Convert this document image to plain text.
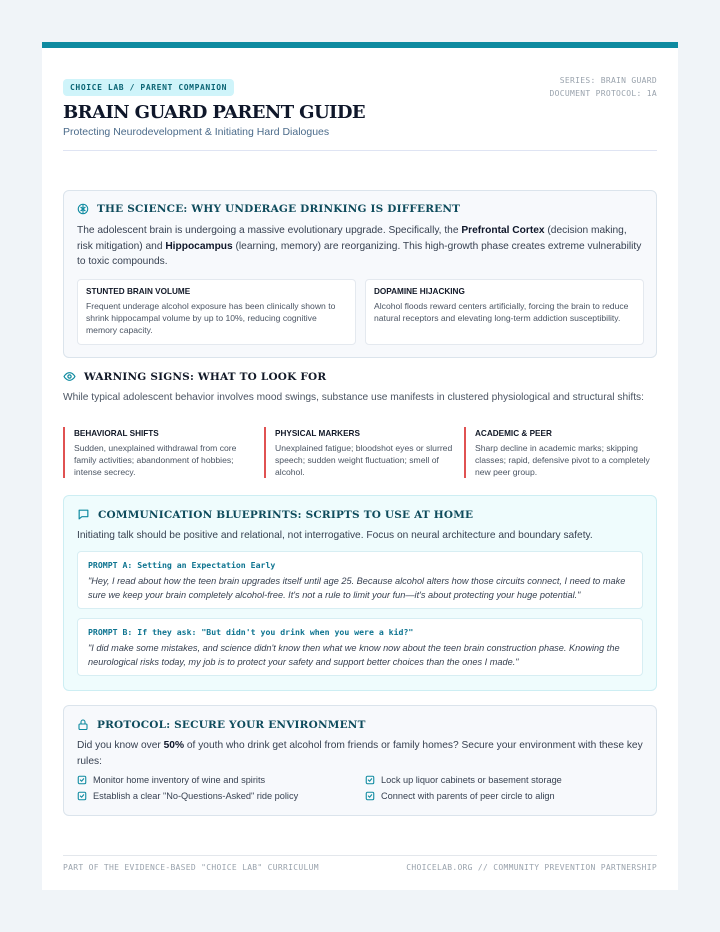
CHOICE LAB / PARENT COMPANION
SERIES: BRAIN GUARD
DOCUMENT PROTOCOL: 1A
BRAIN GUARD PARENT GUIDE
Protecting Neurodevelopment & Initiating Hard Dialogues
THE SCIENCE: WHY UNDERAGE DRINKING IS DIFFERENT
The adolescent brain is undergoing a massive evolutionary upgrade. Specifically, the Prefrontal Cortex (decision making, risk mitigation) and Hippocampus (learning, memory) are reorganizing. This high-growth phase creates extreme vulnerability to toxic compounds.
STUNTED BRAIN VOLUME
Frequent underage alcohol exposure has been clinically shown to shrink hippocampal volume by up to 10%, reducing cognitive memory capacity.
DOPAMINE HIJACKING
Alcohol floods reward centers artificially, forcing the brain to reduce natural receptors and elevating long-term addiction susceptibility.
WARNING SIGNS: WHAT TO LOOK FOR
While typical adolescent behavior involves mood swings, substance use manifests in clustered physiological and structural shifts:
BEHAVIORAL SHIFTS
Sudden, unexplained withdrawal from core family activities; abandonment of hobbies; intense secrecy.
PHYSICAL MARKERS
Unexplained fatigue; bloodshot eyes or slurred speech; sudden weight fluctuation; smell of alcohol.
ACADEMIC & PEER
Sharp decline in academic marks; skipping classes; rapid, defensive pivot to a completely new peer group.
COMMUNICATION BLUEPRINTS: SCRIPTS TO USE AT HOME
Initiating talk should be positive and relational, not interrogative. Focus on neural architecture and boundary safety.
PROMPT A: Setting an Expectation Early
"Hey, I read about how the teen brain upgrades itself until age 25. Because alcohol alters how those circuits connect, I need to make sure we keep your brain completely alcohol-free. It's not a rule to limit your fun—it's about protecting your huge potential."
PROMPT B: If they ask: "But didn't you drink when you were a kid?"
"I did make some mistakes, and science didn't know then what we know now about the teen brain construction phase. Knowing the neurological risks today, my job is to protect your safety and support better choices than the ones I made."
PROTOCOL: SECURE YOUR ENVIRONMENT
Did you know over 50% of youth who drink get alcohol from friends or family homes? Secure your environment with these key rules:
Monitor home inventory of wine and spirits	Lock up liquor cabinets or basement storage
Establish a clear "No-Questions-Asked" ride policy	Connect with parents of peer circle to align
PART OF THE EVIDENCE-BASED "CHOICE LAB" CURRICULUM	CHOICELAB.ORG // COMMUNITY PREVENTION PARTNERSHIP
